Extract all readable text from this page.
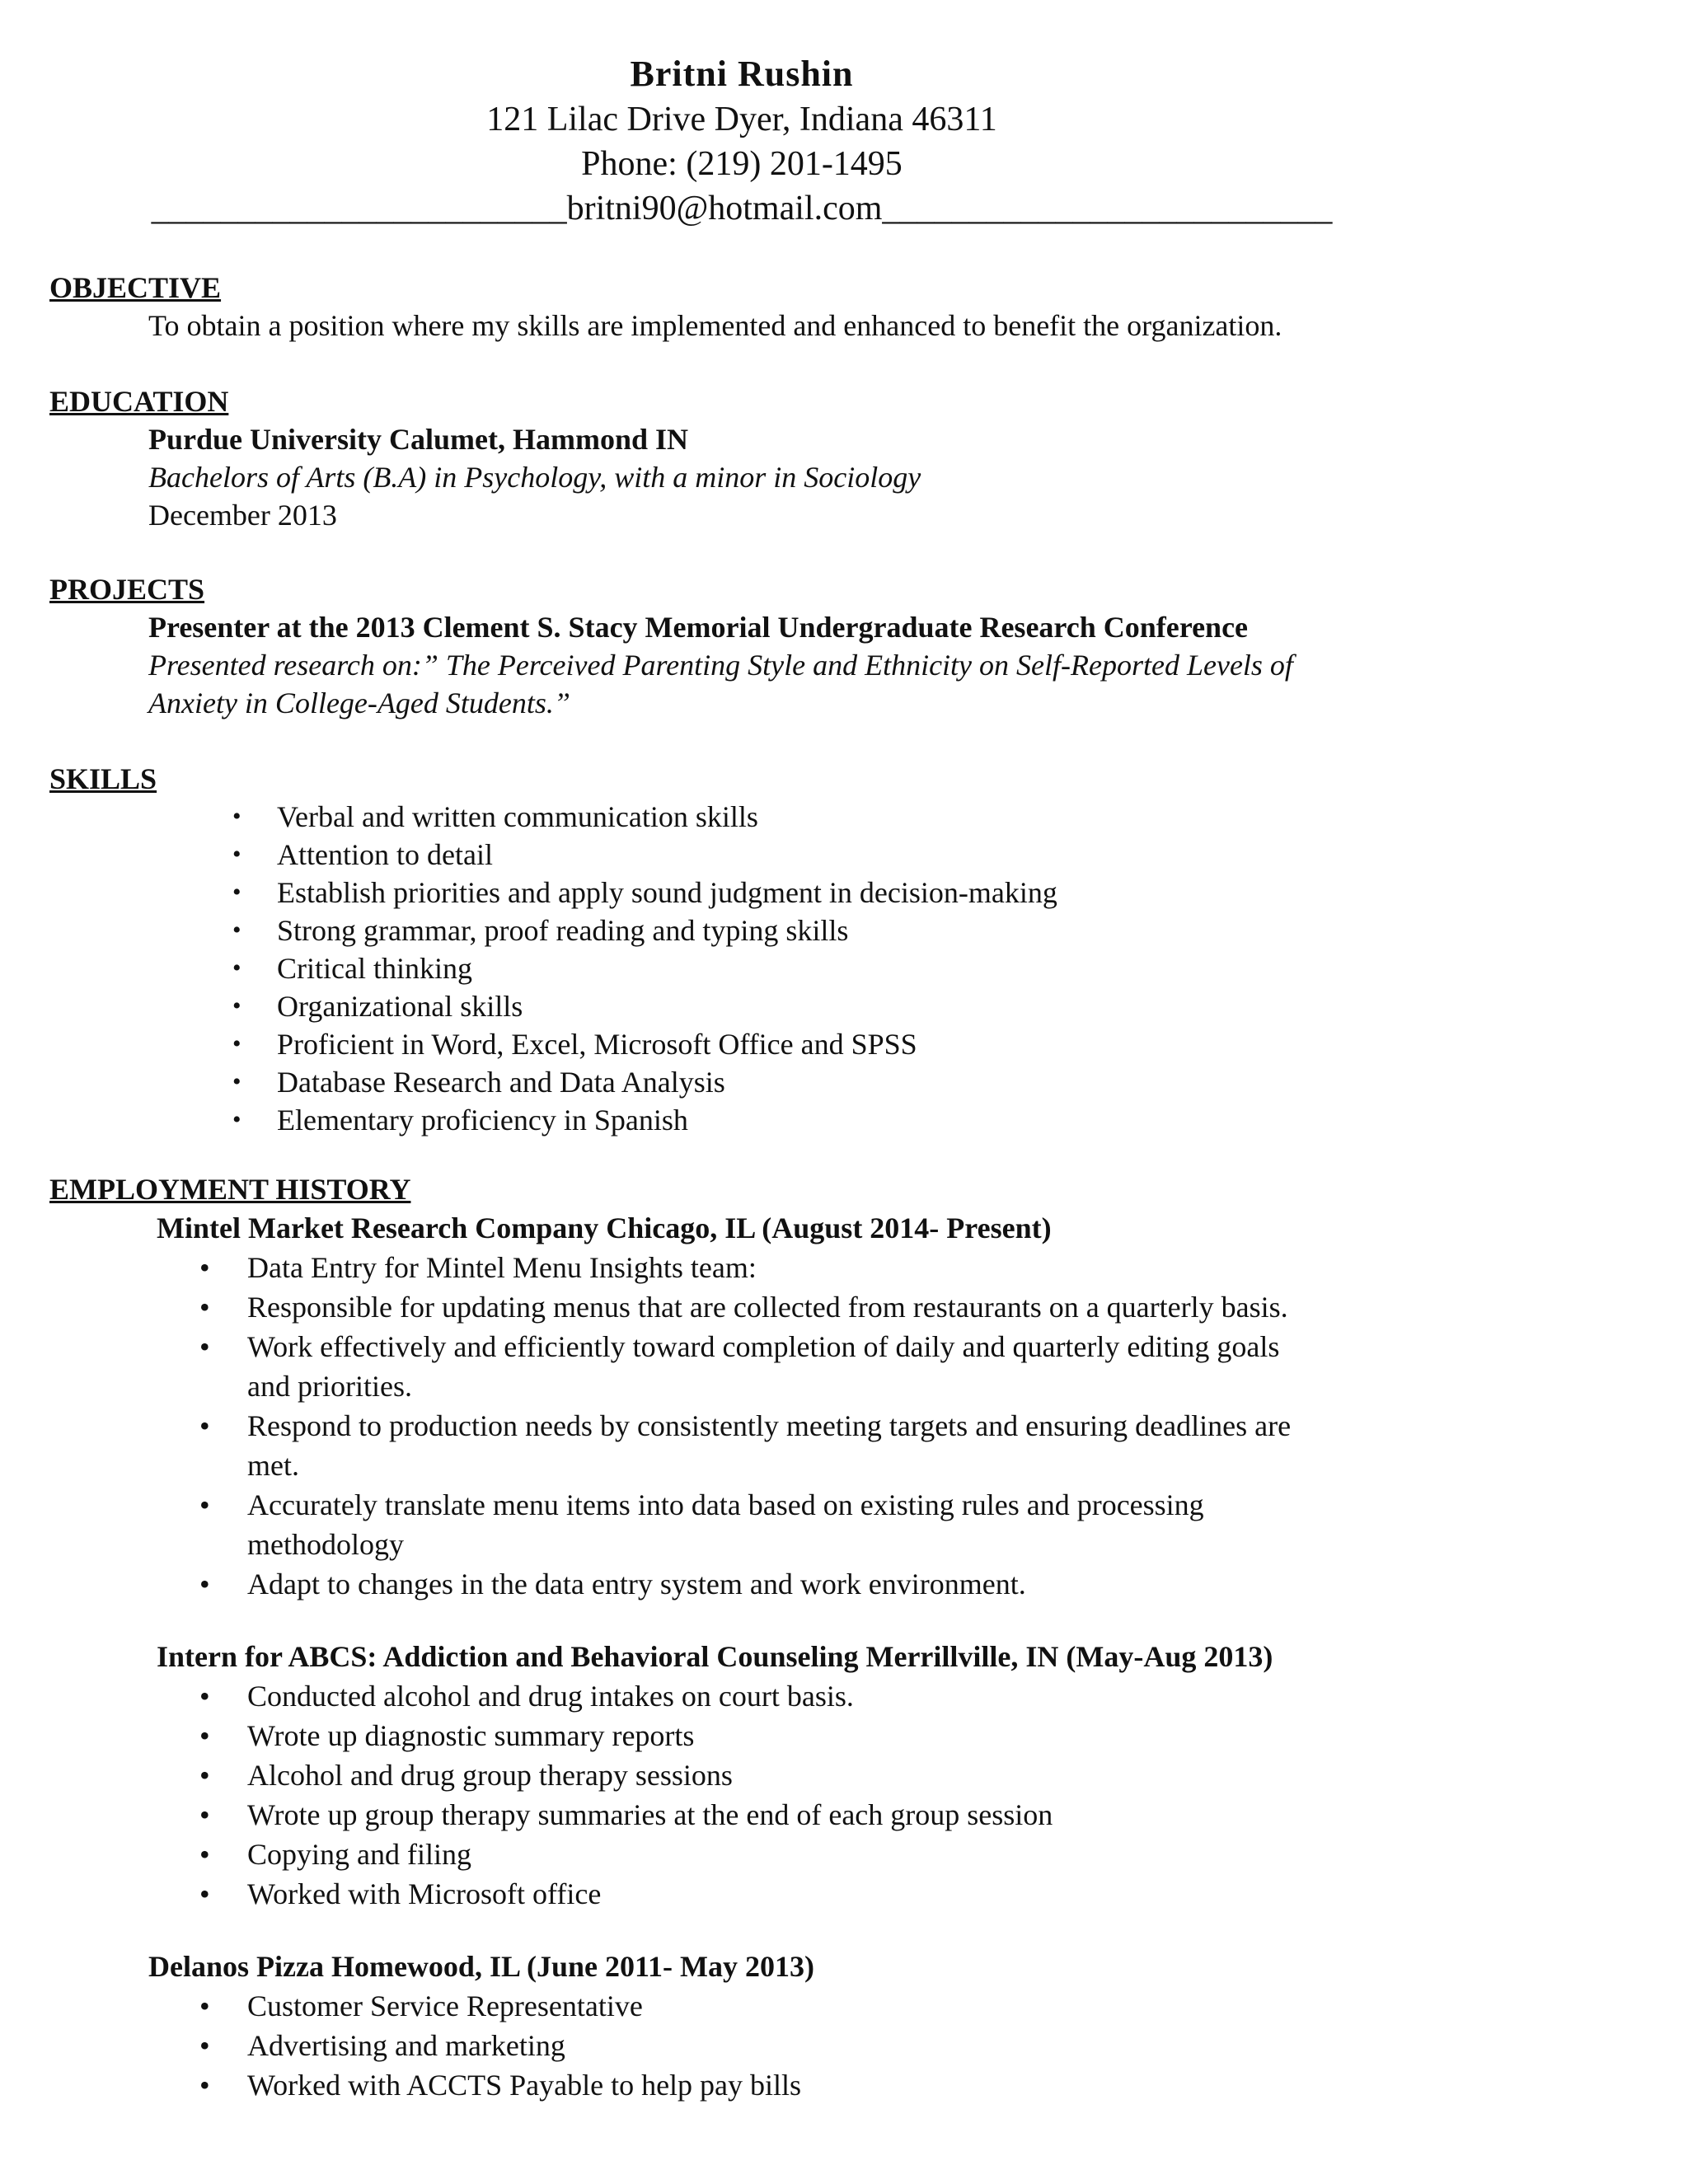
Britni Rushin
121 Lilac Drive Dyer, Indiana 46311
Phone: (219) 201-1495
________________________britni90@hotmail.com__________________________
OBJECTIVE
To obtain a position where my skills are implemented and enhanced to benefit the organization.
EDUCATION
Purdue University Calumet, Hammond IN
Bachelors of Arts (B.A) in Psychology, with a minor in Sociology
December 2013
PROJECTS
Presenter at the 2013 Clement S. Stacy Memorial Undergraduate Research Conference
Presented research on:” The Perceived Parenting Style and Ethnicity on Self-Reported Levels of
Anxiety in College-Aged Students.”
SKILLS
• Verbal and written communication skills
• Attention to detail
• Establish priorities and apply sound judgment in decision-making
• Strong grammar, proof reading and typing skills
• Critical thinking
• Organizational skills
• Proficient in Word, Excel, Microsoft Office and SPSS
• Database Research and Data Analysis
• Elementary proficiency in Spanish
EMPLOYMENT HISTORY
Mintel Market Research Company Chicago, IL (August 2014- Present)
• Data Entry for Mintel Menu Insights team:
• Responsible for updating menus that are collected from restaurants on a quarterly basis.
• Work effectively and efficiently toward completion of daily and quarterly editing goals
and priorities.
• Respond to production needs by consistently meeting targets and ensuring deadlines are
met.
• Accurately translate menu items into data based on existing rules and processing
methodology
• Adapt to changes in the data entry system and work environment.
Intern for ABCS: Addiction and Behavioral Counseling Merrillville, IN (May-Aug 2013)
• Conducted alcohol and drug intakes on court basis.
• Wrote up diagnostic summary reports
• Alcohol and drug group therapy sessions
• Wrote up group therapy summaries at the end of each group session
• Copying and filing
• Worked with Microsoft office
Delanos Pizza Homewood, IL (June 2011- May 2013)
• Customer Service Representative
• Advertising and marketing
• Worked with ACCTS Payable to help pay bills
